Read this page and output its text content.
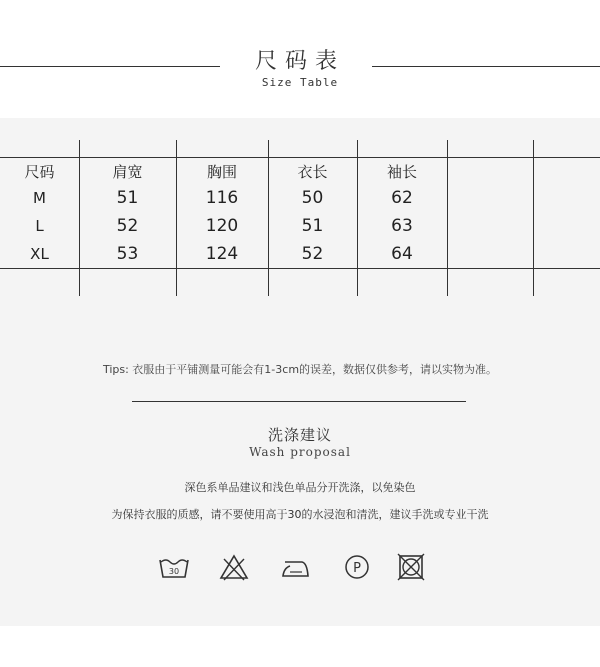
尺码表
Size Table
尺码	肩宽	胸围	衣长	袖长
M	51	116	50	62
L	52	120	51	63
XL	53	124	52	64
Tips: 衣服由于平铺测量可能会有1-3cm的误差，数据仅供参考，请以实物为准。
洗涤建议
Wash proposal
深色系单品建议和浅色单品分开洗涤，以免染色
为保持衣服的质感，请不要使用高于30的水浸泡和清洗，建议手洗或专业干洗
30	P
